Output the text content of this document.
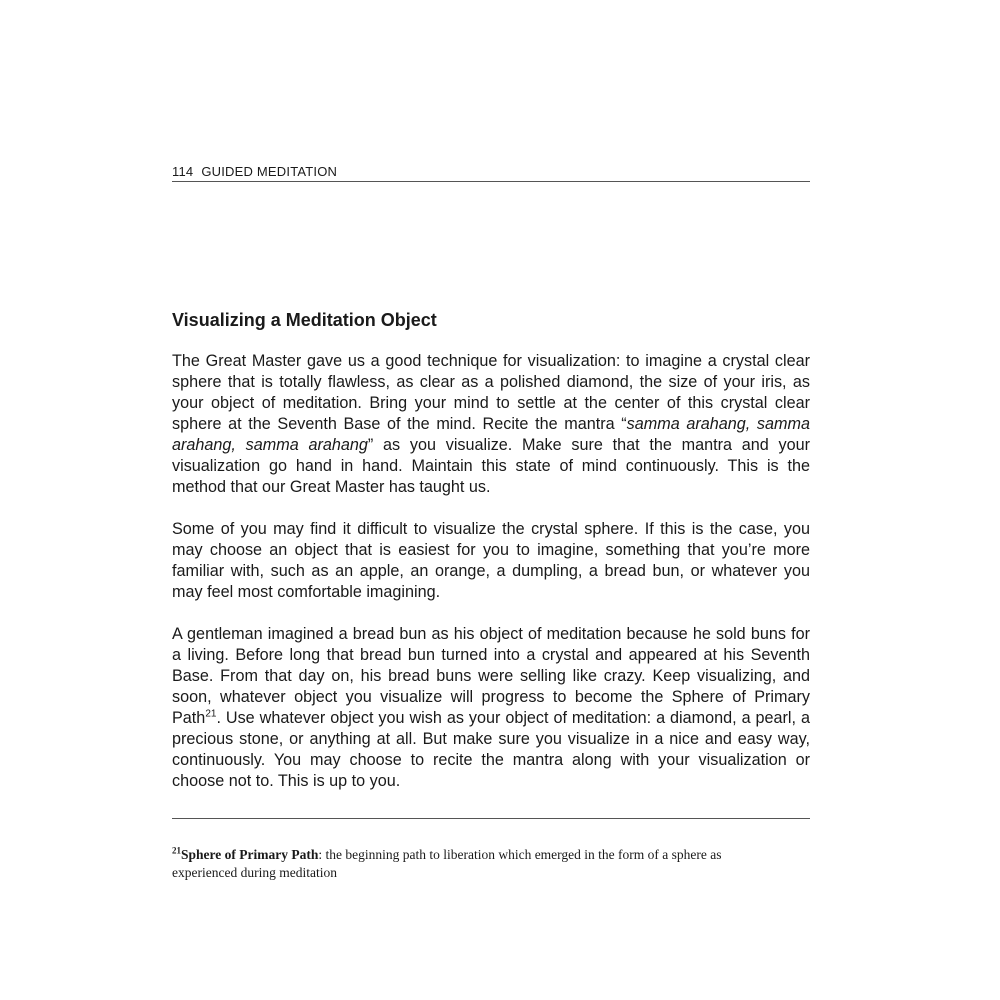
114 GUIDED MEDITATION
Visualizing a Meditation Object

The Great Master gave us a good technique for visualization: to imagine a crystal clear sphere that is totally flawless, as clear as a polished diamond, the size of your iris, as your object of meditation. Bring your mind to settle at the center of this crystal clear sphere at the Seventh Base of the mind. Recite the mantra “samma arahang, samma arahang, samma arahang” as you visualize. Make sure that the mantra and your visualization go hand in hand. Maintain this state of mind continuously. This is the method that our Great Master has taught us.

Some of you may find it difficult to visualize the crystal sphere. If this is the case, you may choose an object that is easiest for you to imagine, something that you’re more familiar with, such as an apple, an orange, a dumpling, a bread bun, or whatever you may feel most comfortable imagining.

A gentleman imagined a bread bun as his object of meditation because he sold buns for a living. Before long that bread bun turned into a crystal and appeared at his Seventh Base. From that day on, his bread buns were selling like crazy. Keep visualizing, and soon, whatever object you visualize will progress to become the Sphere of Primary Path$^{21}$. Use whatever object you wish as your object of meditation: a diamond, a pearl, a precious stone, or anything at all. But make sure you visualize in a nice and easy way, continuously. You may choose to recite the mantra along with your visualization or choose not to. This is up to you.

$^{21}$Sphere of Primary Path: the beginning path to liberation which emerged in the form of a sphere as experienced during meditation
